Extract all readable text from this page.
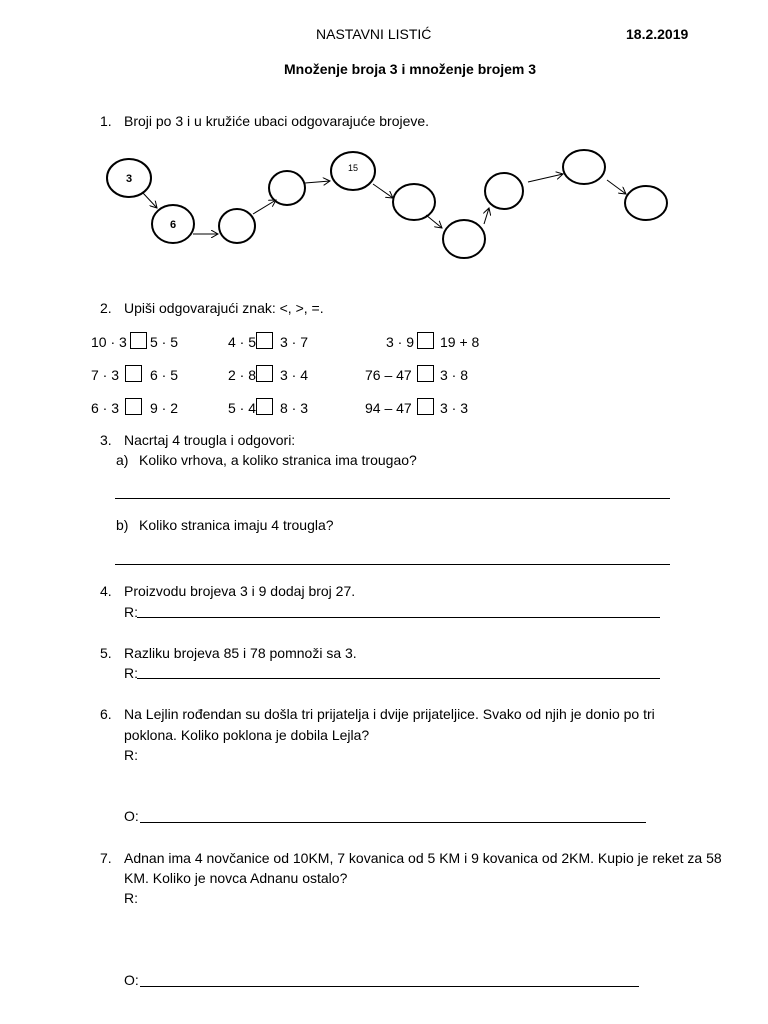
NASTAVNI LISTIĆ	18.2.2019
Množenje broja 3 i množenje brojem 3
1. Broji po 3 i u kružiće ubaci odgovarajuće brojeve.
3
6
15
2. Upiši odgovarajući znak: <, >, =.
10 · 3 5 · 5	4 · 5 3 · 7	3 · 9 19 + 8
7 · 3 6 · 5	2 · 8 3 · 4	76 – 47 3 · 8
6 · 3 9 · 2	5 · 4 8 · 3	94 – 47 3 · 3
3. Nacrtaj 4 trougla i odgovori:
a) Koliko vrhova, a koliko stranica ima trougao?
b) Koliko stranica imaju 4 trougla?
4. Proizvodu brojeva 3 i 9 dodaj broj 27.
R:
5. Razliku brojeva 85 i 78 pomnoži sa 3.
R:
6. Na Lejlin rođendan su došla tri prijatelja i dvije prijateljice. Svako od njih je donio po tri
poklona. Koliko poklona je dobila Lejla?
R:
O:
7. Adnan ima 4 novčanice od 10KM, 7 kovanica od 5 KM i 9 kovanica od 2KM. Kupio je reket za 58
KM. Koliko je novca Adnanu ostalo?
R:
O:
